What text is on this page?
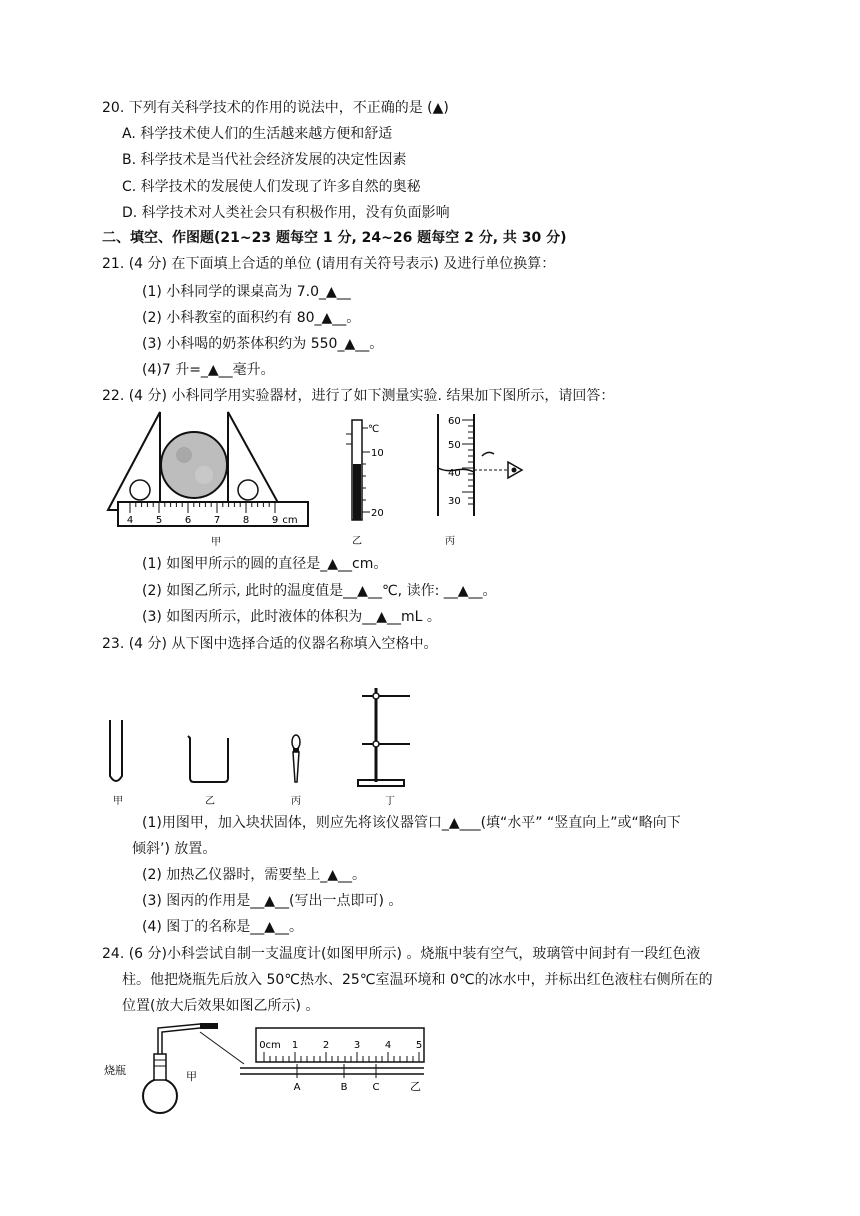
20. 下列有关科学技术的作用的说法中，不正确的是 (▲)
A. 科学技术使人们的生活越来越方便和舒适
B. 科学技术是当代社会经济发展的决定性因素
C. 科学技术的发展使人们发现了许多自然的奥秘
D. 科学技术对人类社会只有积极作用，没有负面影响
二、填空、作图题(21~23 题每空 1 分, 24~26 题每空 2 分, 共 30 分)
21. (4 分) 在下面填上合适的单位 (请用有关符号表示) 及进行单位换算：
(1) 小科同学的课桌高为 7.0_▲__
(2) 小科教室的面积约有 80_▲__。
(3) 小科喝的奶茶体积约为 550_▲__。
(4)7 升=_▲__毫升。
22. (4 分) 小科同学用实验器材，进行了如下测量实验. 结果加下图所示，请回答：
4 5 6 7 8 9 cm
甲
℃
10
20
乙
60
50
40
30
丙
(1) 如图甲所示的圆的直径是_▲__cm。
(2) 如图乙所示, 此时的温度值是__▲__℃, 读作: __▲__。
(3) 如图丙所示，此时液体的体积为__▲__mL 。
23. (4 分) 从下图中选择合适的仪器名称填入空格中。
甲	乙	丙	丁
(1)用图甲，加入块状固体，则应先将该仪器管口_▲___(填“水平” “竖直向上”或“略向下
倾斜’) 放置。
(2) 加热乙仪器时，需要垫上_▲__。
(3) 图丙的作用是__▲__(写出一点即可) 。
(4) 图丁的名称是__▲__。
24. (6 分)小科尝试自制一支温度计(如图甲所示) 。烧瓶中装有空气，玻璃管中间封有一段红色液
柱。他把烧瓶先后放入 50℃热水、25℃室温环境和 0℃的冰水中，并标出红色液柱右侧所在的
位置(放大后效果如图乙所示) 。
烧瓶	甲
0cm 1 2 3 4 5
A	B	C	乙
